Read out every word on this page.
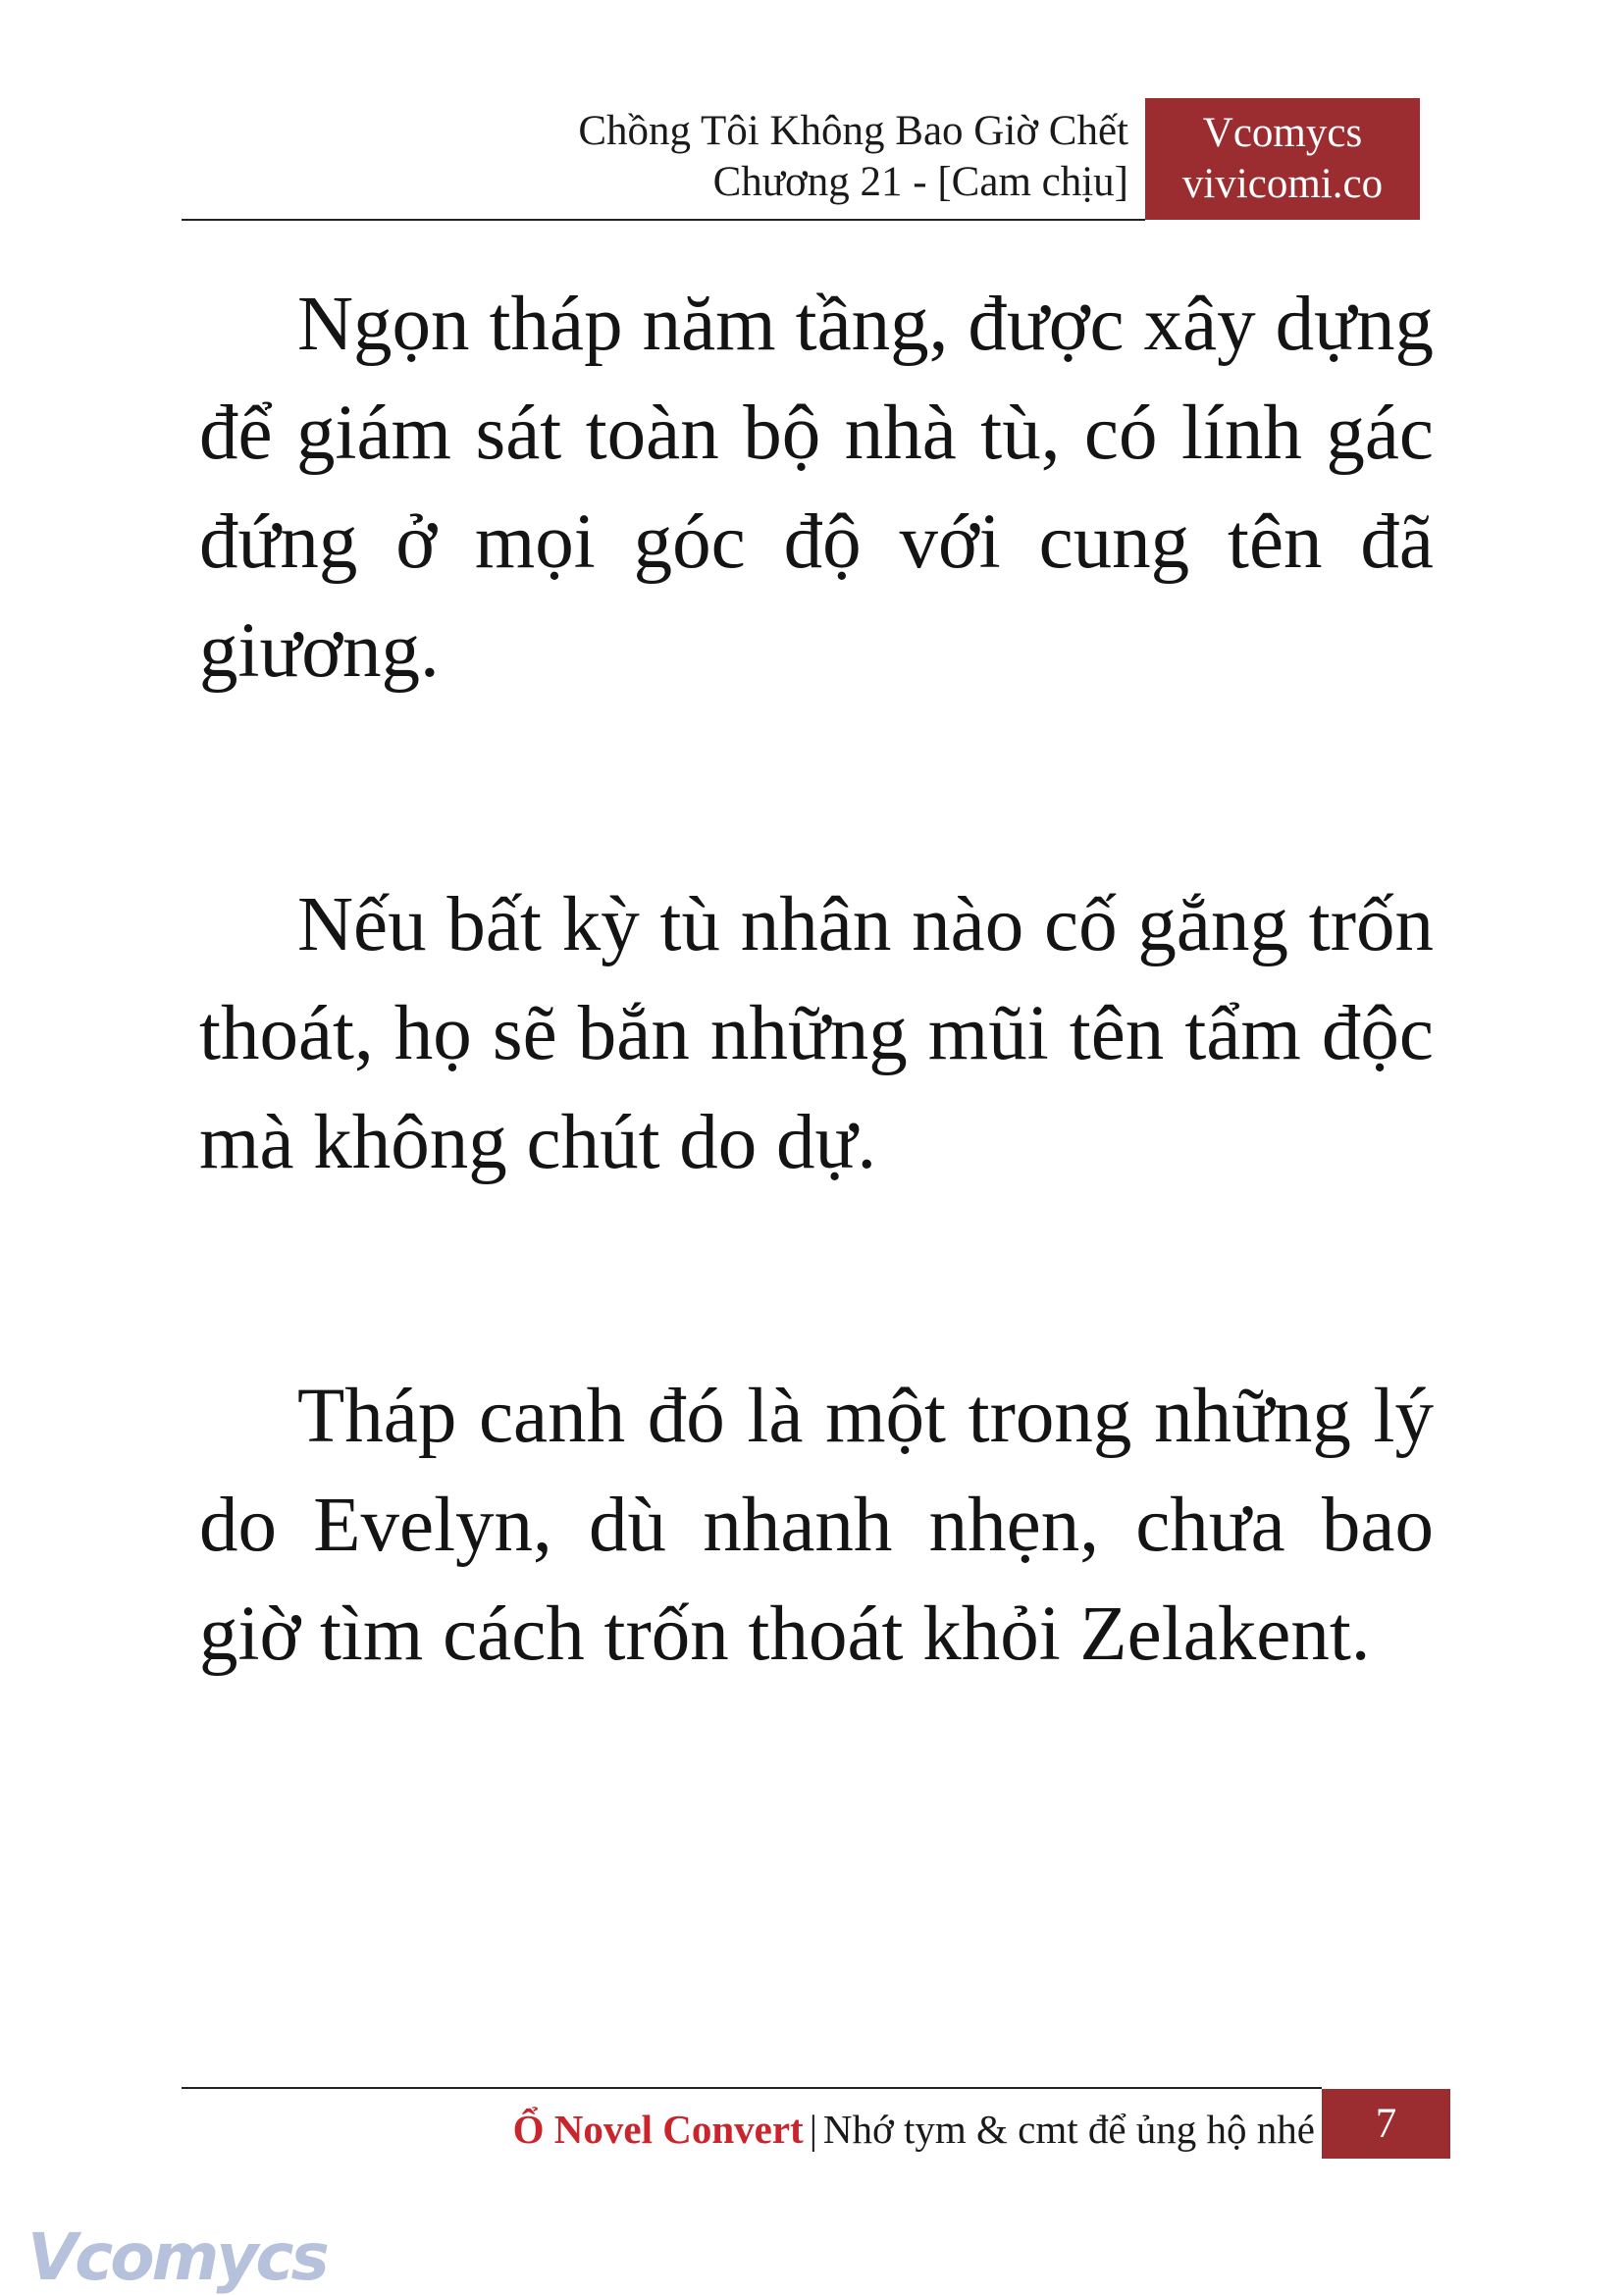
Chồng Tôi Không Bao Giờ Chết
Chương 21 - [Cam chịu]
Vcomycs
vivicomi.co

Ngọn tháp năm tầng, được xây dựng để giám sát toàn bộ nhà tù, có lính gác đứng ở mọi góc độ với cung tên đã giương.

Nếu bất kỳ tù nhân nào cố gắng trốn thoát, họ sẽ bắn những mũi tên tẩm độc mà không chút do dự.

Tháp canh đó là một trong những lý do Evelyn, dù nhanh nhẹn, chưa bao giờ tìm cách trốn thoát khỏi Zelakent.

Ổ Novel Convert | Nhớ tym & cmt để ủng hộ nhé	7
Vcomycs
